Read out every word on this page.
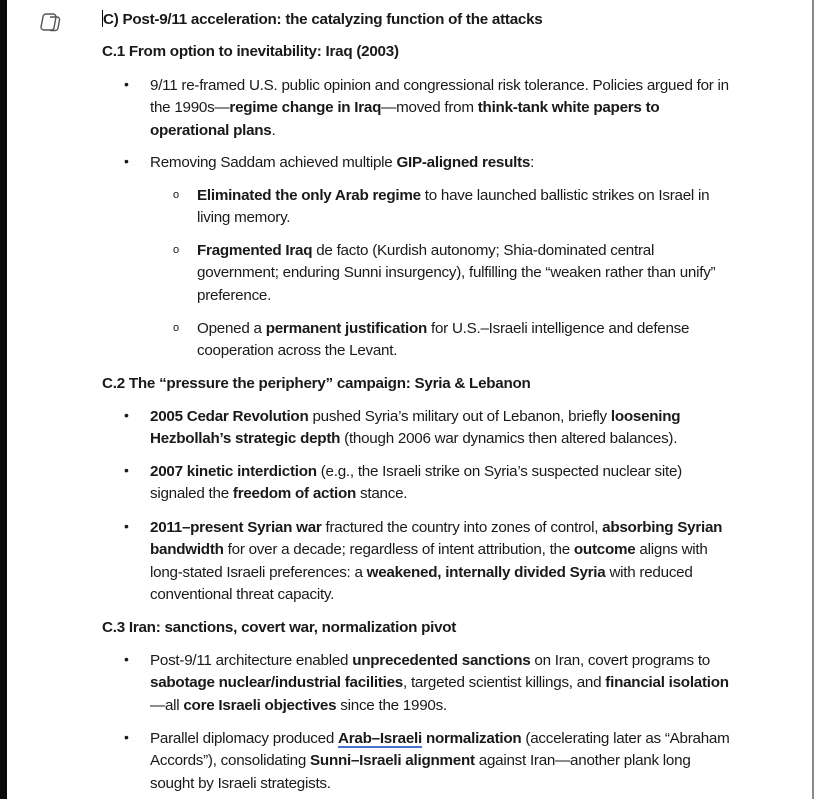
C) Post-9/11 acceleration: the catalyzing function of the attacks
C.1 From option to inevitability: Iraq (2003)
• 9/11 re-framed U.S. public opinion and congressional risk tolerance. Policies argued for in the 1990s—regime change in Iraq—moved from think-tank white papers to operational plans.
• Removing Saddam achieved multiple GIP-aligned results:
o Eliminated the only Arab regime to have launched ballistic strikes on Israel in living memory.
o Fragmented Iraq de facto (Kurdish autonomy; Shia-dominated central government; enduring Sunni insurgency), fulfilling the “weaken rather than unify” preference.
o Opened a permanent justification for U.S.–Israeli intelligence and defense cooperation across the Levant.
C.2 The “pressure the periphery” campaign: Syria & Lebanon
• 2005 Cedar Revolution pushed Syria’s military out of Lebanon, briefly loosening Hezbollah’s strategic depth (though 2006 war dynamics then altered balances).
• 2007 kinetic interdiction (e.g., the Israeli strike on Syria’s suspected nuclear site) signaled the freedom of action stance.
• 2011–present Syrian war fractured the country into zones of control, absorbing Syrian bandwidth for over a decade; regardless of intent attribution, the outcome aligns with long-stated Israeli preferences: a weakened, internally divided Syria with reduced conventional threat capacity.
C.3 Iran: sanctions, covert war, normalization pivot
• Post-9/11 architecture enabled unprecedented sanctions on Iran, covert programs to sabotage nuclear/industrial facilities, targeted scientist killings, and financial isolation—all core Israeli objectives since the 1990s.
• Parallel diplomacy produced Arab–Israeli normalization (accelerating later as “Abraham Accords”), consolidating Sunni–Israeli alignment against Iran—another plank long sought by Israeli strategists.
